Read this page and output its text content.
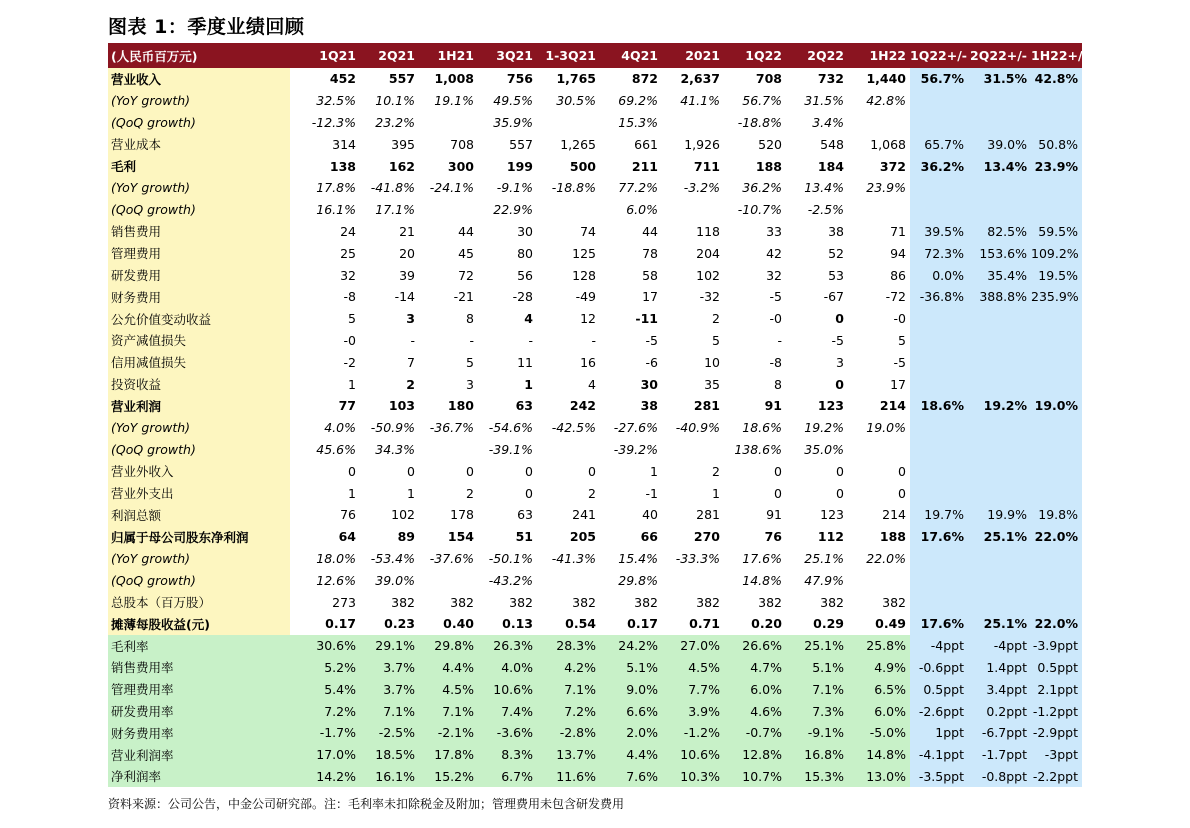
图表 1：季度业绩回顾
(人民币百万元)	1Q21	2Q21	1H21	3Q21	1-3Q21	4Q21	2021	1Q22	2Q22	1H22	1Q22+/-	2Q22+/-	1H22+/-
营业收入	452	557	1,008	756	1,765	872	2,637	708	732	1,440	56.7%	31.5%	42.8%
(YoY growth)	32.5%	10.1%	19.1%	49.5%	30.5%	69.2%	41.1%	56.7%	31.5%	42.8%			
(QoQ growth)	-12.3%	23.2%		35.9%		15.3%		-18.8%	3.4%				
营业成本	314	395	708	557	1,265	661	1,926	520	548	1,068	65.7%	39.0%	50.8%
毛利	138	162	300	199	500	211	711	188	184	372	36.2%	13.4%	23.9%
(YoY growth)	17.8%	-41.8%	-24.1%	-9.1%	-18.8%	77.2%	-3.2%	36.2%	13.4%	23.9%			
(QoQ growth)	16.1%	17.1%		22.9%		6.0%		-10.7%	-2.5%				
销售费用	24	21	44	30	74	44	118	33	38	71	39.5%	82.5%	59.5%
管理费用	25	20	45	80	125	78	204	42	52	94	72.3%	153.6%	109.2%
研发费用	32	39	72	56	128	58	102	32	53	86	0.0%	35.4%	19.5%
财务费用	-8	-14	-21	-28	-49	17	-32	-5	-67	-72	-36.8%	388.8%	235.9%
公允价值变动收益	5	3	8	4	12	-11	2	-0	0	-0			
资产减值损失	-0	-	-	-	-	-5	5	-	-5	5			
信用减值损失	-2	7	5	11	16	-6	10	-8	3	-5			
投资收益	1	2	3	1	4	30	35	8	0	17			
营业利润	77	103	180	63	242	38	281	91	123	214	18.6%	19.2%	19.0%
(YoY growth)	4.0%	-50.9%	-36.7%	-54.6%	-42.5%	-27.6%	-40.9%	18.6%	19.2%	19.0%			
(QoQ growth)	45.6%	34.3%		-39.1%		-39.2%		138.6%	35.0%				
营业外收入	0	0	0	0	0	1	2	0	0	0			
营业外支出	1	1	2	0	2	-1	1	0	0	0			
利润总额	76	102	178	63	241	40	281	91	123	214	19.7%	19.9%	19.8%
归属于母公司股东净利润	64	89	154	51	205	66	270	76	112	188	17.6%	25.1%	22.0%
(YoY growth)	18.0%	-53.4%	-37.6%	-50.1%	-41.3%	15.4%	-33.3%	17.6%	25.1%	22.0%			
(QoQ growth)	12.6%	39.0%		-43.2%		29.8%		14.8%	47.9%				
总股本（百万股）	273	382	382	382	382	382	382	382	382	382			
摊薄每股收益(元)	0.17	0.23	0.40	0.13	0.54	0.17	0.71	0.20	0.29	0.49	17.6%	25.1%	22.0%
毛利率	30.6%	29.1%	29.8%	26.3%	28.3%	24.2%	27.0%	26.6%	25.1%	25.8%	-4ppt	-4ppt	-3.9ppt
销售费用率	5.2%	3.7%	4.4%	4.0%	4.2%	5.1%	4.5%	4.7%	5.1%	4.9%	-0.6ppt	1.4ppt	0.5ppt
管理费用率	5.4%	3.7%	4.5%	10.6%	7.1%	9.0%	7.7%	6.0%	7.1%	6.5%	0.5ppt	3.4ppt	2.1ppt
研发费用率	7.2%	7.1%	7.1%	7.4%	7.2%	6.6%	3.9%	4.6%	7.3%	6.0%	-2.6ppt	0.2ppt	-1.2ppt
财务费用率	-1.7%	-2.5%	-2.1%	-3.6%	-2.8%	2.0%	-1.2%	-0.7%	-9.1%	-5.0%	1ppt	-6.7ppt	-2.9ppt
营业利润率	17.0%	18.5%	17.8%	8.3%	13.7%	4.4%	10.6%	12.8%	16.8%	14.8%	-4.1ppt	-1.7ppt	-3ppt
净利润率	14.2%	16.1%	15.2%	6.7%	11.6%	7.6%	10.3%	10.7%	15.3%	13.0%	-3.5ppt	-0.8ppt	-2.2ppt
资料来源：公司公告，中金公司研究部。注：毛利率未扣除税金及附加；管理费用未包含研发费用
